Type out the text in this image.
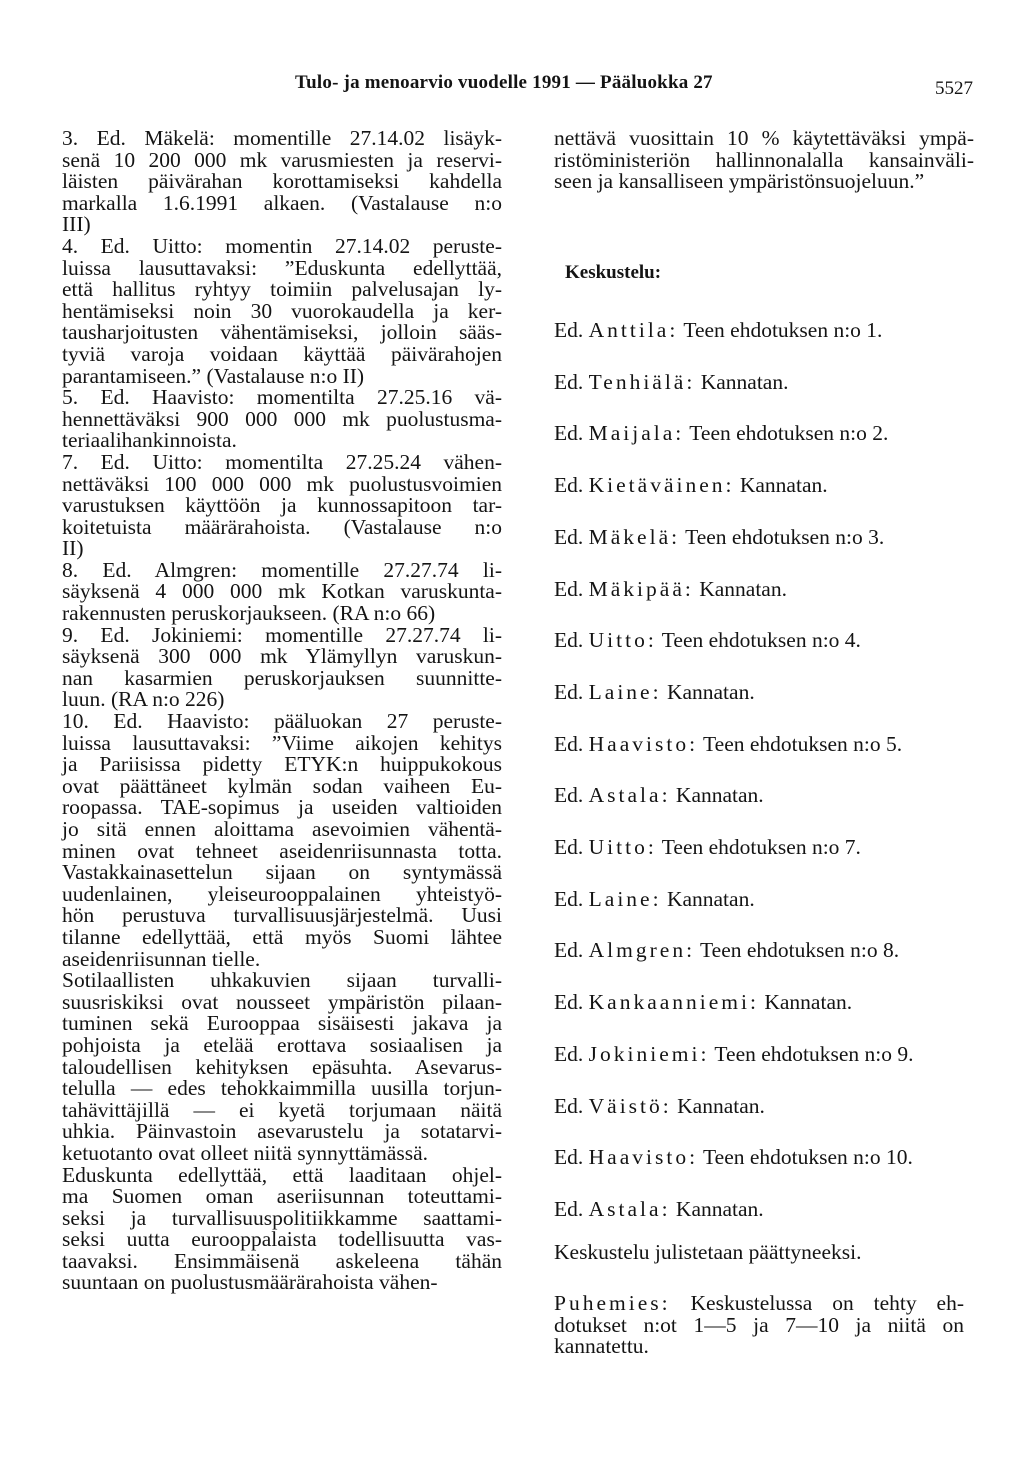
Tulo- ja menoarvio vuodelle 1991 — Pääluokka 27	5527
3. Ed. Mäkelä: momentille 27.14.02 lisäyk-
senä 10 200 000 mk varusmiesten ja reservi-
läisten päivärahan korottamiseksi kahdella
markalla 1.6.1991 alkaen. (Vastalause n:o
III)
4. Ed. Uitto: momentin 27.14.02 peruste-
luissa lausuttavaksi: ”Eduskunta edellyttää,
että hallitus ryhtyy toimiin palvelusajan ly-
hentämiseksi noin 30 vuorokaudella ja ker-
tausharjoitusten vähentämiseksi, jolloin sääs-
tyviä varoja voidaan käyttää päivärahojen
parantamiseen.” (Vastalause n:o II)
5. Ed. Haavisto: momentilta 27.25.16 vä-
hennettäväksi 900 000 000 mk puolustusma-
teriaalihankinnoista.
7. Ed. Uitto: momentilta 27.25.24 vähen-
nettäväksi 100 000 000 mk puolustusvoimien
varustuksen käyttöön ja kunnossapitoon tar-
koitetuista määrärahoista. (Vastalause n:o
II)
8. Ed. Almgren: momentille 27.27.74 li-
säyksenä 4 000 000 mk Kotkan varuskunta-
rakennusten peruskorjaukseen. (RA n:o 66)
9. Ed. Jokiniemi: momentille 27.27.74 li-
säyksenä 300 000 mk Ylämyllyn varuskun-
nan kasarmien peruskorjauksen suunnitte-
luun. (RA n:o 226)
10. Ed. Haavisto: pääluokan 27 peruste-
luissa lausuttavaksi: ”Viime aikojen kehitys
ja Pariisissa pidetty ETYK:n huippukokous
ovat päättäneet kylmän sodan vaiheen Eu-
roopassa. TAE-sopimus ja useiden valtioiden
jo sitä ennen aloittama asevoimien vähentä-
minen ovat tehneet aseidenriisunnasta totta.
Vastakkainasettelun sijaan on syntymässä
uudenlainen, yleiseurooppalainen yhteistyö-
hön perustuva turvallisuusjärjestelmä. Uusi
tilanne edellyttää, että myös Suomi lähtee
aseidenriisunnan tielle.
Sotilaallisten uhkakuvien sijaan turvalli-
suusriskiksi ovat nousseet ympäristön pilaan-
tuminen sekä Eurooppaa sisäisesti jakava ja
pohjoista ja etelää erottava sosiaalisen ja
taloudellisen kehityksen epäsuhta. Asevarus-
telulla — edes tehokkaimmilla uusilla torjun-
tahävittäjillä — ei kyetä torjumaan näitä
uhkia. Päinvastoin asevarustelu ja sotatarvi-
ketuotanto ovat olleet niitä synnyttämässä.
Eduskunta edellyttää, että laaditaan ohjel-
ma Suomen oman aseriisunnan toteuttami-
seksi ja turvallisuuspolitiikkamme saattami-
seksi uutta eurooppalaista todellisuutta vas-
taavaksi. Ensimmäisenä askeleena tähän
suuntaan on puolustusmäärärahoista vähen-
nettävä vuosittain 10 % käytettäväksi ympä-
ristöministeriön hallinnonalalla kansainväli-
seen ja kansalliseen ympäristönsuojeluun.”
Keskustelu:
Ed. Anttila: Teen ehdotuksen n:o 1.
Ed. Tenhiälä: Kannatan.
Ed. Maijala: Teen ehdotuksen n:o 2.
Ed. Kietäväinen: Kannatan.
Ed. Mäkelä: Teen ehdotuksen n:o 3.
Ed. Mäkipää: Kannatan.
Ed. Uitto: Teen ehdotuksen n:o 4.
Ed. Laine: Kannatan.
Ed. Haavisto: Teen ehdotuksen n:o 5.
Ed. Astala: Kannatan.
Ed. Uitto: Teen ehdotuksen n:o 7.
Ed. Laine: Kannatan.
Ed. Almgren: Teen ehdotuksen n:o 8.
Ed. Kankaanniemi: Kannatan.
Ed. Jokiniemi: Teen ehdotuksen n:o 9.
Ed. Väistö: Kannatan.
Ed. Haavisto: Teen ehdotuksen n:o 10.
Ed. Astala: Kannatan.
Keskustelu julistetaan päättyneeksi.
Puhemies: Keskustelussa on tehty eh-
dotukset n:ot 1—5 ja 7—10 ja niitä on
kannatettu.
